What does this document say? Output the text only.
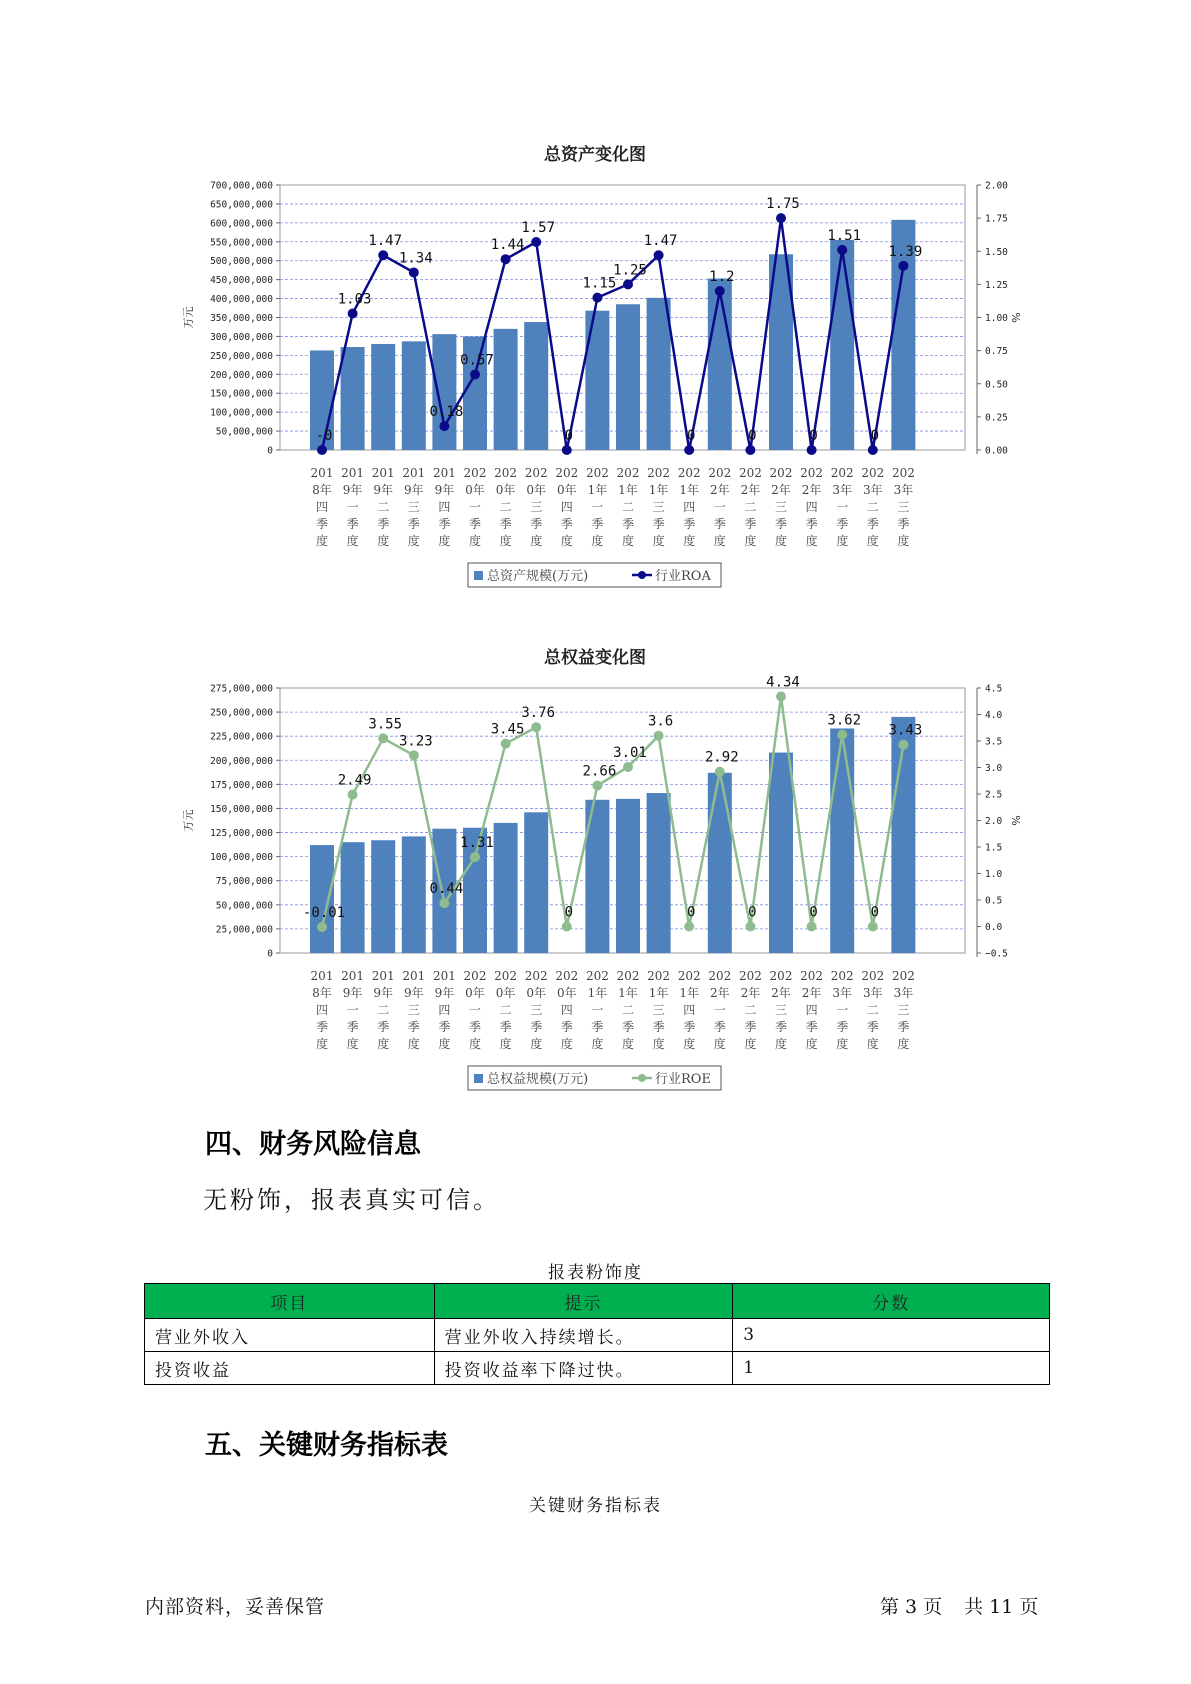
总资产变化图
700,000,000
650,000,000
600,000,000
550,000,000
500,000,000
450,000,000
400,000,000
350,000,000
300,000,000
250,000,000
200,000,000
150,000,000
100,000,000
50,000,000
0
2.00
1.75
1.50
1.25
1.00
0.75
0.50
0.25
0.00
万元	%
-0
1.03
1.47
1.34
0.18
0.57
1.44
1.57
0
1.15
1.25
1.47
0
1.2
0
1.75
0
1.51
0
1.39
201
8年
四
季
度
201
9年
一
季
度
201
9年
二
季
度
201
9年
三
季
度
201
9年
四
季
度
202
0年
一
季
度
202
0年
二
季
度
202
0年
三
季
度
202
0年
四
季
度
202
1年
一
季
度
202
1年
二
季
度
202
1年
三
季
度
202
1年
四
季
度
202
2年
一
季
度
202
2年
二
季
度
202
2年
三
季
度
202
2年
四
季
度
202
3年
一
季
度
202
3年
二
季
度
202
3年
三
季
度
总资产规模(万元)	行业ROA
总权益变化图
275,000,000
250,000,000
225,000,000
200,000,000
175,000,000
150,000,000
125,000,000
100,000,000
75,000,000
50,000,000
25,000,000
0
4.5
4.0
3.5
3.0
2.5
2.0
1.5
1.0
0.5
0.0
−0.5
万元	%
-0.01
2.49
3.55
3.23
0.44
1.31
3.45
3.76
0
2.66
3.01
3.6
0
2.92
0
4.34
0
3.62
0
3.43
201
8年
四
季
度
201
9年
一
季
度
201
9年
二
季
度
201
9年
三
季
度
201
9年
四
季
度
202
0年
一
季
度
202
0年
二
季
度
202
0年
三
季
度
202
0年
四
季
度
202
1年
一
季
度
202
1年
二
季
度
202
1年
三
季
度
202
1年
四
季
度
202
2年
一
季
度
202
2年
二
季
度
202
2年
三
季
度
202
2年
四
季
度
202
3年
一
季
度
202
3年
二
季
度
202
3年
三
季
度
总权益规模(万元)	行业ROE
四、财务风险信息

无粉饰，报表真实可信。

报表粉饰度

项目	提示	分数
营业外收入	营业外收入持续增长。	3
投资收益	投资收益率下降过快。	1
五、关键财务指标表

关键财务指标表

内部资料，妥善保管	第 3 页 共 11 页
